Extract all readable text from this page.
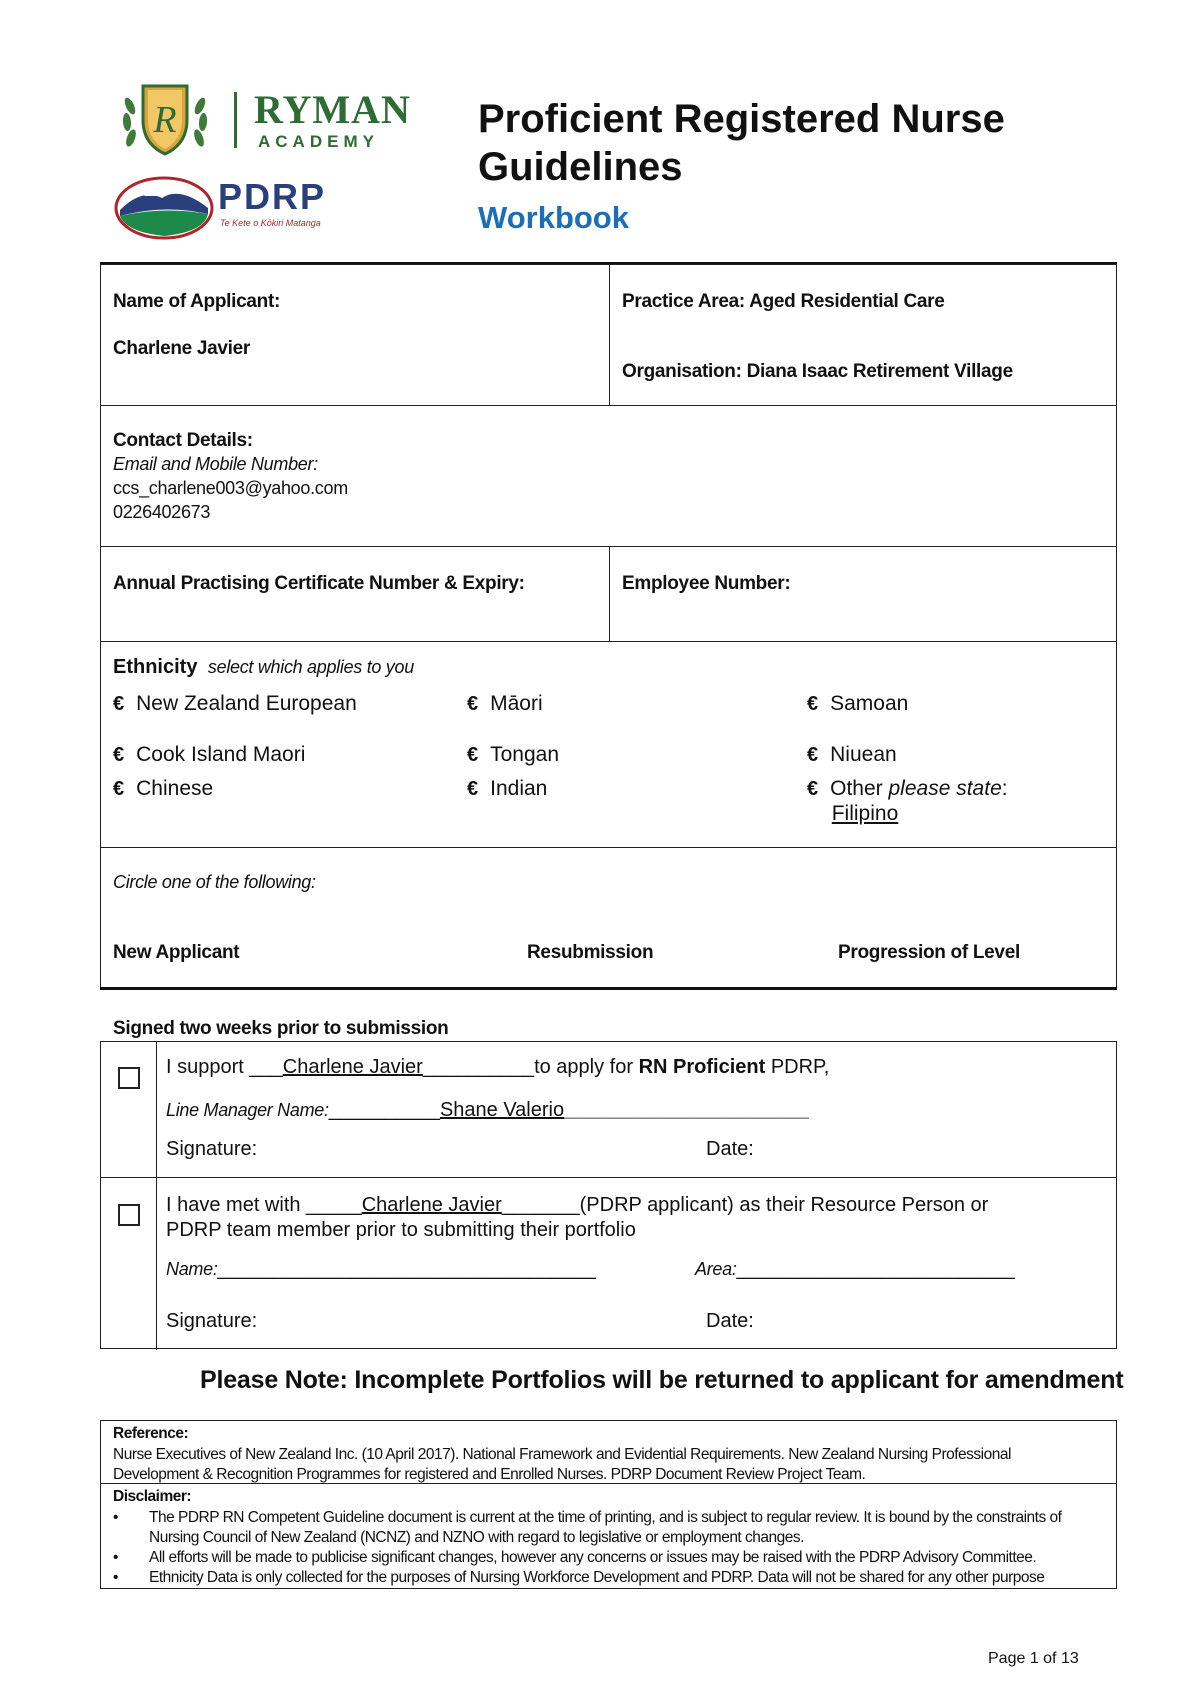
R RYMAN
ACADEMY
PDRP
Te Kete o Kōkiri Matanga
Proficient Registered Nurse
Guidelines
Workbook
Name of Applicant:
Charlene Javier
Practice Area: Aged Residential Care
Organisation: Diana Isaac Retirement Village
Contact Details:
Email and Mobile Number:
ccs_charlene003@yahoo.com
0226402673
Annual Practising Certificate Number & Expiry:	Employee Number:
Ethnicity select which applies to you
€ New Zealand European	€ Māori	€ Samoan
€ Cook Island Maori	€ Tongan	€ Niuean
€ Chinese	€ Indian	€ Other please state:
Filipino
Circle one of the following:
New Applicant	Resubmission	Progression of Level
Signed two weeks prior to submission
I support ___Charlene Javier__________to apply for RN Proficient PDRP,
Line Manager Name:__________Shane Valerio______________________
Signature:	Date:
I have met with _____Charlene Javier_______(PDRP applicant) as their Resource Person or
PDRP team member prior to submitting their portfolio
Name:__________________________________	Area:_________________________
Signature:	Date:
Please Note: Incomplete Portfolios will be returned to applicant for amendment
Reference:
Nurse Executives of New Zealand Inc. (10 April 2017). National Framework and Evidential Requirements. New Zealand Nursing Professional
Development & Recognition Programmes for registered and Enrolled Nurses. PDRP Document Review Project Team.
Disclaimer:
• The PDRP RN Competent Guideline document is current at the time of printing, and is subject to regular review. It is bound by the constraints of
Nursing Council of New Zealand (NCNZ) and NZNO with regard to legislative or employment changes.
• All efforts will be made to publicise significant changes, however any concerns or issues may be raised with the PDRP Advisory Committee.
• Ethnicity Data is only collected for the purposes of Nursing Workforce Development and PDRP. Data will not be shared for any other purpose
Page 1 of 13
